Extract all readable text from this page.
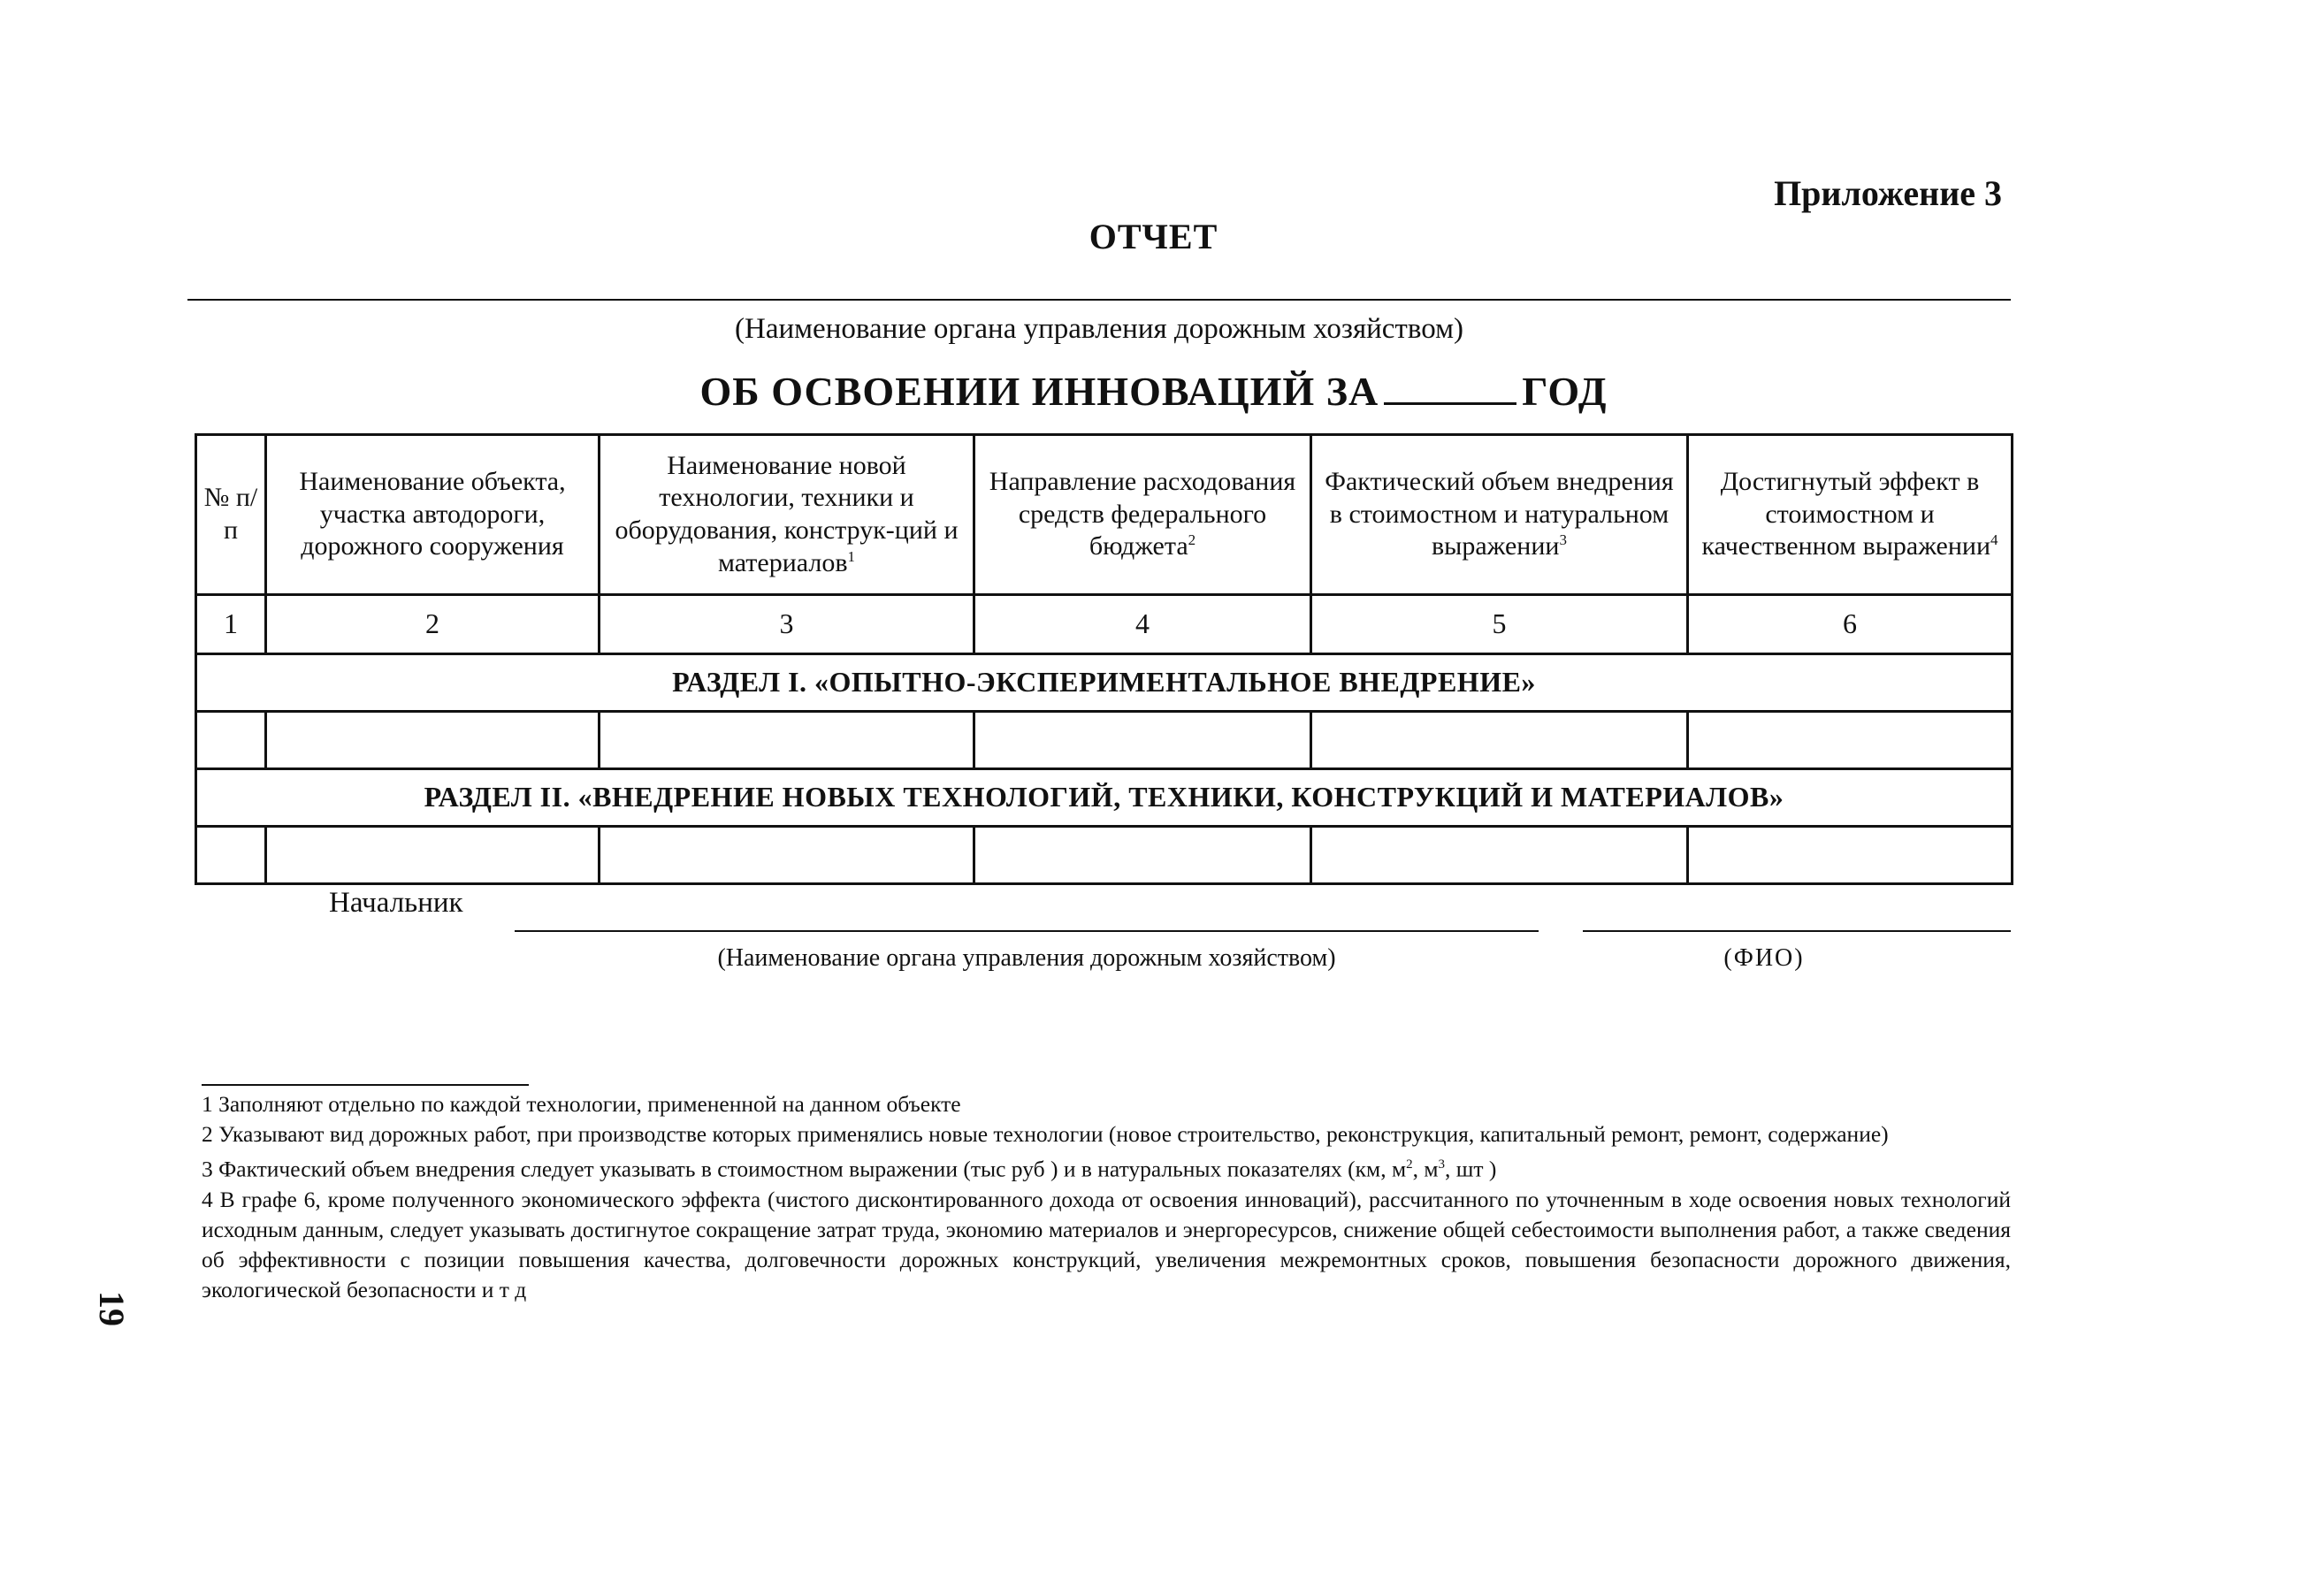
Приложение 3
ОТЧЕТ
(Наименование органа управления дорожным хозяйством)
ОБ ОСВОЕНИИ ИННОВАЦИЙ ЗА	ГОД
№ п/п	Наименование объекта, участка автодороги, дорожного сооружения	Наименование новой технологии, техники и оборудования, конструк-ций и материалов$^1$	Направление расходования средств федерального бюджета$^2$	Фактический объем внедрения в стоимостном и натуральном выражении$^3$	Достигнутый эффект в стоимостном и качественном выражении$^4$
1	2	3	4	5	6
РАЗДЕЛ I. «ОПЫТНО-ЭКСПЕРИМЕНТАЛЬНОЕ ВНЕДРЕНИЕ»					

РАЗДЕЛ II. «ВНЕДРЕНИЕ НОВЫХ ТЕХНОЛОГИЙ, ТЕХНИКИ, КОНСТРУКЦИЙ И МАТЕРИАЛОВ»					

Начальник
(Наименование органа управления дорожным хозяйством)	(ФИО)

1 Заполняют отдельно по каждой технологии, примененной на данном объекте

2 Указывают вид дорожных работ, при производстве которых применялись новые технологии (новое строительство, реконструкция, капитальный ремонт, ремонт, содержание)

3 Фактический объем внедрения следует указывать в стоимостном выражении (тыс руб ) и в натуральных показателях (км, $м^2$, $м^3$, шт )

4 В графе 6, кроме полученного экономического эффекта (чистого дисконтированного дохода от освоения инноваций), рассчитанного по уточненным в ходе освоения новых технологий исходным данным, следует указывать достигнутое сокращение затрат труда, экономию материалов и энергоресурсов, снижение общей себестоимости выполнения работ, а также сведения об эффективности с позиции повышения качества, долговечности дорожных конструкций, увеличения межремонтных сроков, повышения безопасности дорожного движения, экологической безопасности и т д

19
